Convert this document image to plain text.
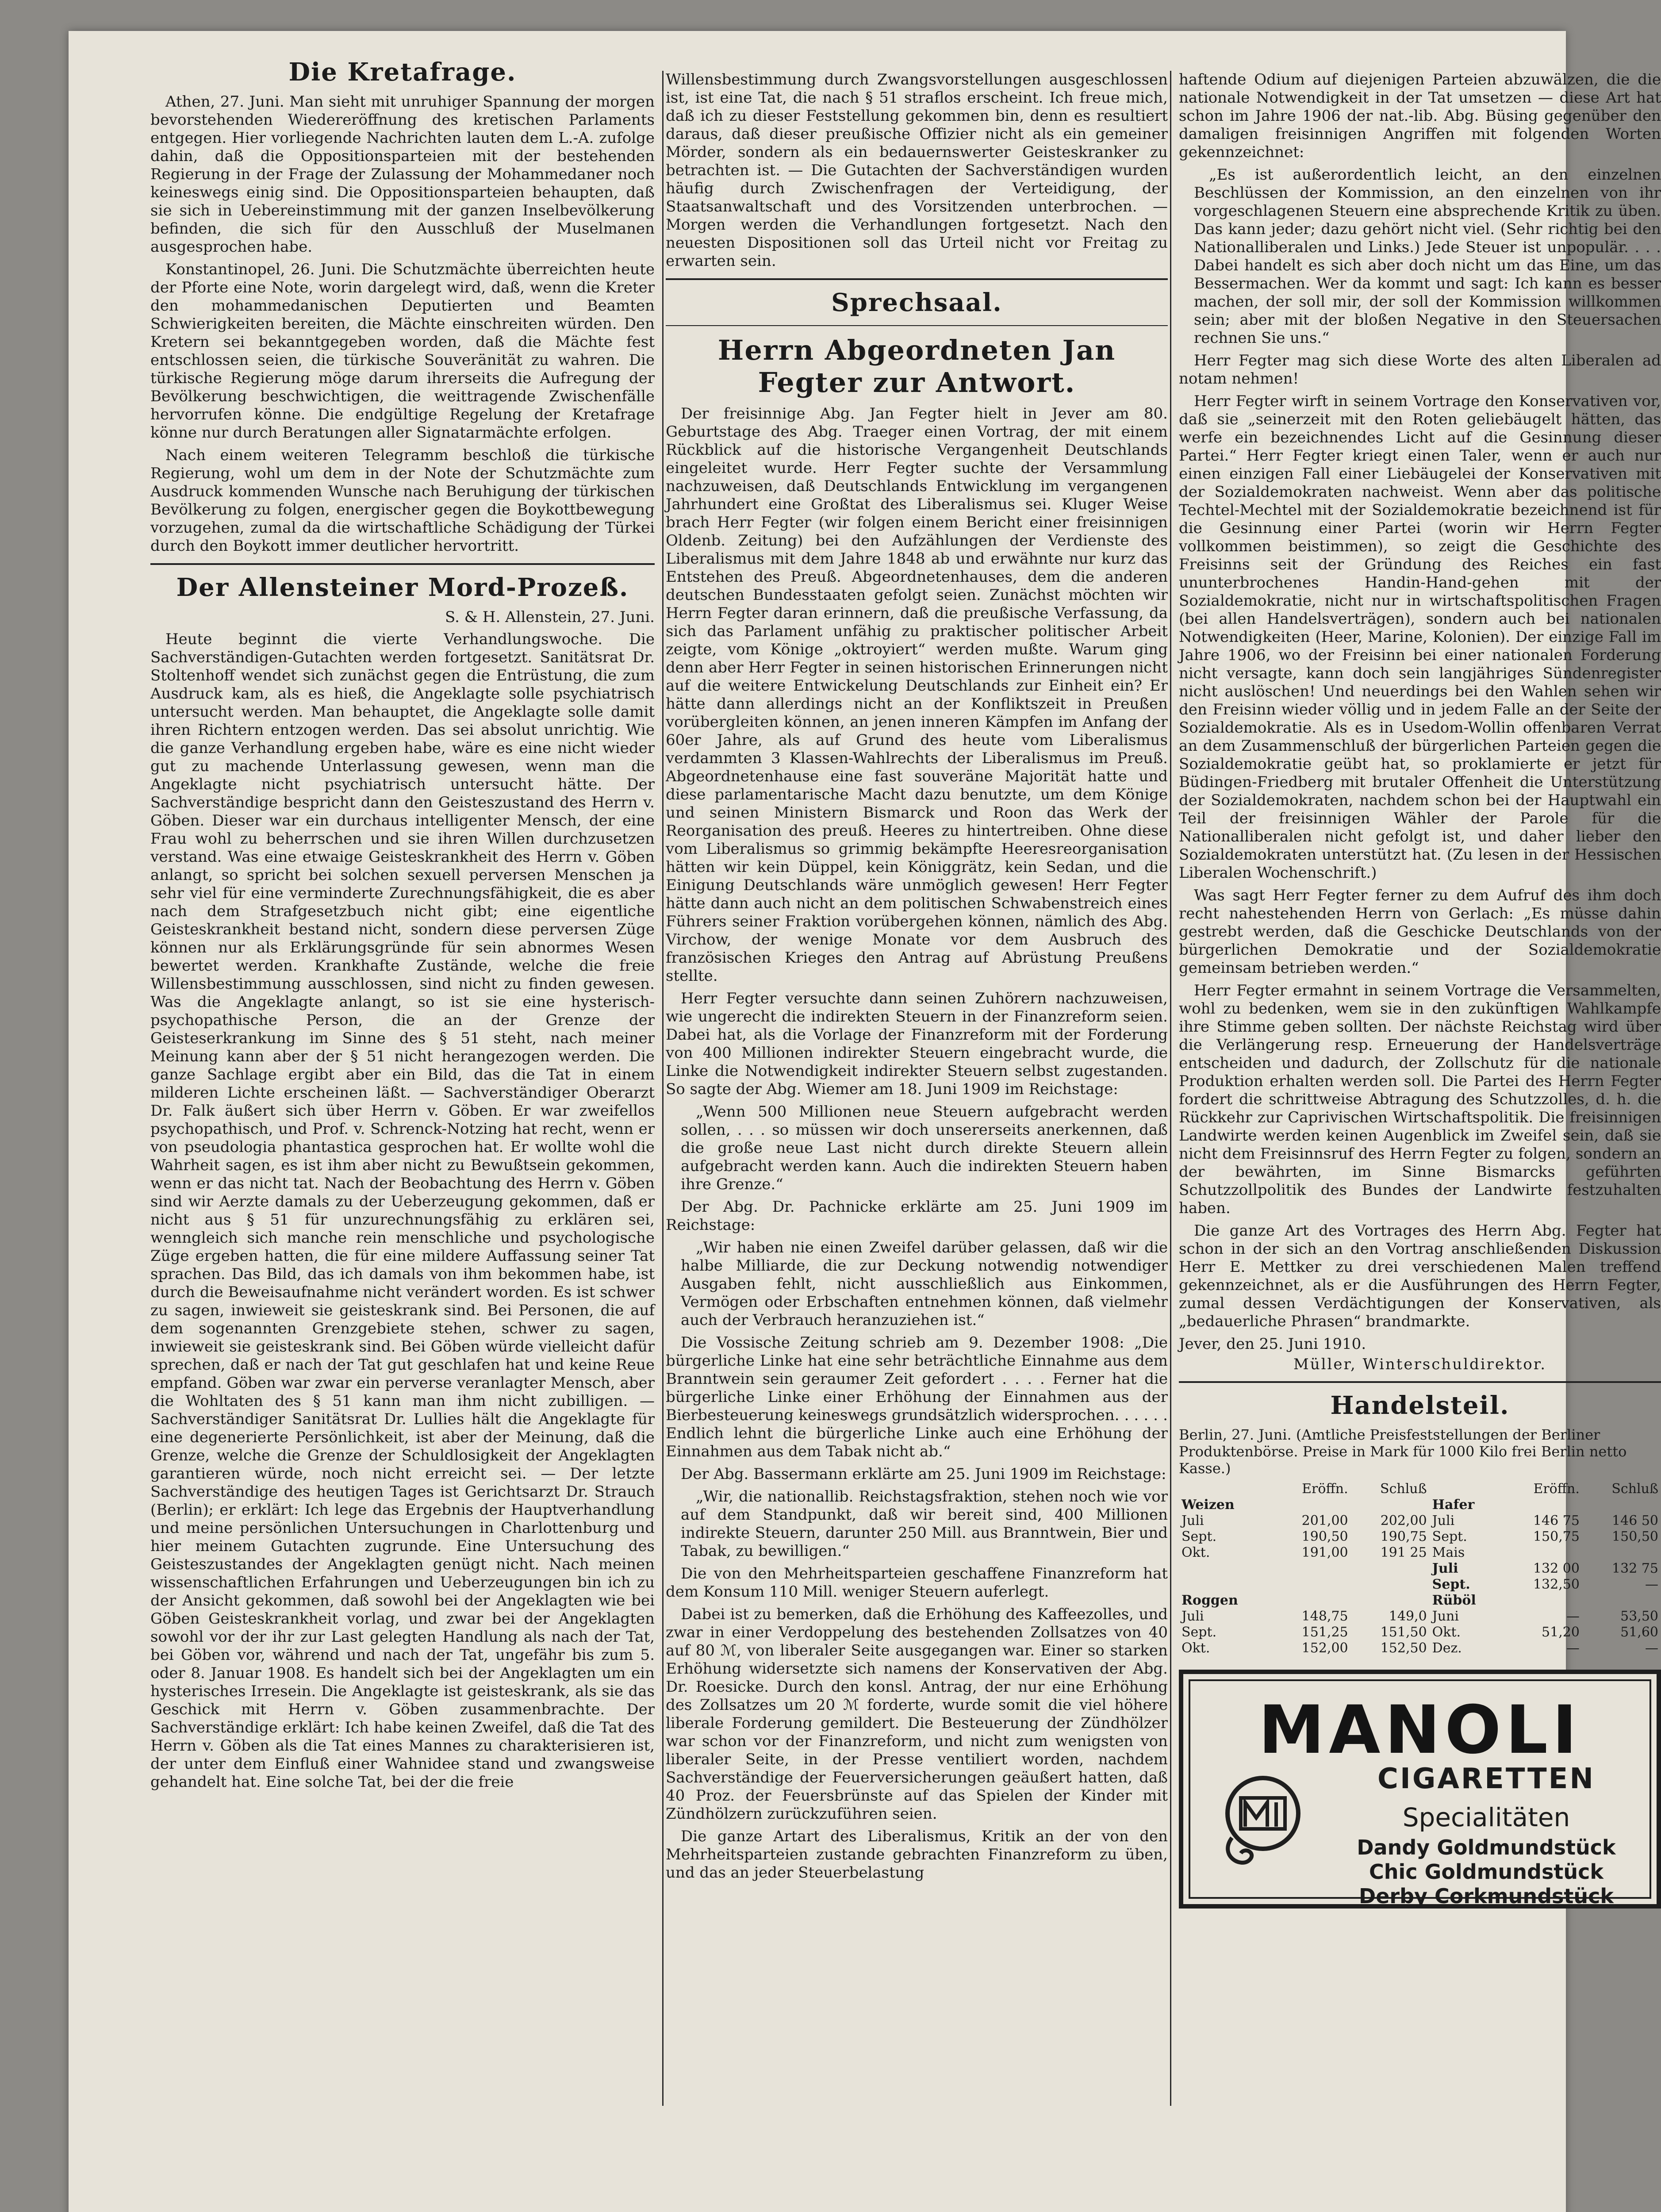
Die Kretafrage.

Athen, 27. Juni. Man sieht mit unruhiger Spannung der morgen bevorstehenden Wiedereröffnung des kretischen Parlaments entgegen. Hier vorliegende Nachrichten lauten dem L.-A. zufolge dahin, daß die Oppositionsparteien mit der bestehenden Regierung in der Frage der Zulassung der Mohammedaner noch keineswegs einig sind. Die Oppositionsparteien behaupten, daß sie sich in Uebereinstimmung mit der ganzen Inselbevölkerung befinden, die sich für den Ausschluß der Muselmanen ausgesprochen habe.

Konstantinopel, 26. Juni. Die Schutzmächte überreichten heute der Pforte eine Note, worin dargelegt wird, daß, wenn die Kreter den mohammedanischen Deputierten und Beamten Schwierigkeiten bereiten, die Mächte einschreiten würden. Den Kretern sei bekanntgegeben worden, daß die Mächte fest entschlossen seien, die türkische Souveränität zu wahren. Die türkische Regierung möge darum ihrerseits die Aufregung der Bevölkerung beschwichtigen, die weittragende Zwischenfälle hervorrufen könne. Die endgültige Regelung der Kretafrage könne nur durch Beratungen aller Signatarmächte erfolgen.

Nach einem weiteren Telegramm beschloß die türkische Regierung, wohl um dem in der Note der Schutzmächte zum Ausdruck kommenden Wunsche nach Beruhigung der türkischen Bevölkerung zu folgen, energischer gegen die Boykottbewegung vorzugehen, zumal da die wirtschaftliche Schädigung der Türkei durch den Boykott immer deutlicher hervortritt.

Der Allensteiner Mord-Prozeß.
S. & H. Allenstein, 27. Juni.

Heute beginnt die vierte Verhandlungswoche. Die Sachverständigen-Gutachten werden fortgesetzt. Sanitätsrat Dr. Stoltenhoff wendet sich zunächst gegen die Entrüstung, die zum Ausdruck kam, als es hieß, die Angeklagte solle psychiatrisch untersucht werden. Man behauptet, die Angeklagte solle damit ihren Richtern entzogen werden. Das sei absolut unrichtig. Wie die ganze Verhandlung ergeben habe, wäre es eine nicht wieder gut zu machende Unterlassung gewesen, wenn man die Angeklagte nicht psychiatrisch untersucht hätte. Der Sachverständige bespricht dann den Geisteszustand des Herrn v. Göben. Dieser war ein durchaus intelligenter Mensch, der eine Frau wohl zu beherrschen und sie ihren Willen durchzusetzen verstand. Was eine etwaige Geisteskrankheit des Herrn v. Göben anlangt, so spricht bei solchen sexuell perversen Menschen ja sehr viel für eine verminderte Zurechnungsfähigkeit, die es aber nach dem Strafgesetzbuch nicht gibt; eine eigentliche Geisteskrankheit bestand nicht, sondern diese perversen Züge können nur als Erklärungsgründe für sein abnormes Wesen bewertet werden. Krankhafte Zustände, welche die freie Willensbestimmung ausschlossen, sind nicht zu finden gewesen. Was die Angeklagte anlangt, so ist sie eine hysterisch-psychopathische Person, die an der Grenze der Geisteserkrankung im Sinne des § 51 steht, nach meiner Meinung kann aber der § 51 nicht herangezogen werden. Die ganze Sachlage ergibt aber ein Bild, das die Tat in einem milderen Lichte erscheinen läßt. — Sachverständiger Oberarzt Dr. Falk äußert sich über Herrn v. Göben. Er war zweifellos psychopathisch, und Prof. v. Schrenck-Notzing hat recht, wenn er von pseudologia phantastica gesprochen hat. Er wollte wohl die Wahrheit sagen, es ist ihm aber nicht zu Bewußtsein gekommen, wenn er das nicht tat. Nach der Beobachtung des Herrn v. Göben sind wir Aerzte damals zu der Ueberzeugung gekommen, daß er nicht aus § 51 für unzurechnungsfähig zu erklären sei, wenngleich sich manche rein menschliche und psychologische Züge ergeben hatten, die für eine mildere Auffassung seiner Tat sprachen. Das Bild, das ich damals von ihm bekommen habe, ist durch die Beweisaufnahme nicht verändert worden. Es ist schwer zu sagen, inwieweit sie geisteskrank sind. Bei Personen, die auf dem sogenannten Grenzgebiete stehen, schwer zu sagen, inwieweit sie geisteskrank sind. Bei Göben würde vielleicht dafür sprechen, daß er nach der Tat gut geschlafen hat und keine Reue empfand. Göben war zwar ein perverse veranlagter Mensch, aber die Wohltaten des § 51 kann man ihm nicht zubilligen. — Sachverständiger Sanitätsrat Dr. Lullies hält die Angeklagte für eine degenerierte Persönlichkeit, ist aber der Meinung, daß die Grenze, welche die Grenze der Schuldlosigkeit der Angeklagten garantieren würde, noch nicht erreicht sei. — Der letzte Sachverständige des heutigen Tages ist Gerichtsarzt Dr. Strauch (Berlin); er erklärt: Ich lege das Ergebnis der Hauptverhandlung und meine persönlichen Untersuchungen in Charlottenburg und hier meinem Gutachten zugrunde. Eine Untersuchung des Geisteszustandes der Angeklagten genügt nicht. Nach meinen wissenschaftlichen Erfahrungen und Ueberzeugungen bin ich zu der Ansicht gekommen, daß sowohl bei der Angeklagten wie bei Göben Geisteskrankheit vorlag, und zwar bei der Angeklagten sowohl vor der ihr zur Last gelegten Handlung als nach der Tat, bei Göben vor, während und nach der Tat, ungefähr bis zum 5. oder 8. Januar 1908. Es handelt sich bei der Angeklagten um ein hysterisches Irresein. Die Angeklagte ist geisteskrank, als sie das Geschick mit Herrn v. Göben zusammenbrachte. Der Sachverständige erklärt: Ich habe keinen Zweifel, daß die Tat des Herrn v. Göben als die Tat eines Mannes zu charakterisieren ist, der unter dem Einfluß einer Wahnidee stand und zwangsweise gehandelt hat. Eine solche Tat, bei der die freie

Willensbestimmung durch Zwangsvorstellungen ausgeschlossen ist, ist eine Tat, die nach § 51 straflos erscheint. Ich freue mich, daß ich zu dieser Feststellung gekommen bin, denn es resultiert daraus, daß dieser preußische Offizier nicht als ein gemeiner Mörder, sondern als ein bedauernswerter Geisteskranker zu betrachten ist. — Die Gutachten der Sachverständigen wurden häufig durch Zwischenfragen der Verteidigung, der Staatsanwaltschaft und des Vorsitzenden unterbrochen. — Morgen werden die Verhandlungen fortgesetzt. Nach den neuesten Dispositionen soll das Urteil nicht vor Freitag zu erwarten sein.

Sprechsaal.
Herrn Abgeordneten Jan Fegter zur Antwort.

Der freisinnige Abg. Jan Fegter hielt in Jever am 80. Geburtstage des Abg. Traeger einen Vortrag, der mit einem Rückblick auf die historische Vergangenheit Deutschlands eingeleitet wurde. Herr Fegter suchte der Versammlung nachzuweisen, daß Deutschlands Entwicklung im vergangenen Jahrhundert eine Großtat des Liberalismus sei. Kluger Weise brach Herr Fegter (wir folgen einem Bericht einer freisinnigen Oldenb. Zeitung) bei den Aufzählungen der Verdienste des Liberalismus mit dem Jahre 1848 ab und erwähnte nur kurz das Entstehen des Preuß. Abgeordnetenhauses, dem die anderen deutschen Bundesstaaten gefolgt seien. Zunächst möchten wir Herrn Fegter daran erinnern, daß die preußische Verfassung, da sich das Parlament unfähig zu praktischer politischer Arbeit zeigte, vom Könige „oktroyiert“ werden mußte. Warum ging denn aber Herr Fegter in seinen historischen Erinnerungen nicht auf die weitere Entwickelung Deutschlands zur Einheit ein? Er hätte dann allerdings nicht an der Konfliktszeit in Preußen vorübergleiten können, an jenen inneren Kämpfen im Anfang der 60er Jahre, als auf Grund des heute vom Liberalismus verdammten 3 Klassen-Wahlrechts der Liberalismus im Preuß. Abgeordnetenhause eine fast souveräne Majorität hatte und diese parlamentarische Macht dazu benutzte, um dem Könige und seinen Ministern Bismarck und Roon das Werk der Reorganisation des preuß. Heeres zu hintertreiben. Ohne diese vom Liberalismus so grimmig bekämpfte Heeresreorganisation hätten wir kein Düppel, kein Königgrätz, kein Sedan, und die Einigung Deutschlands wäre unmöglich gewesen! Herr Fegter hätte dann auch nicht an dem politischen Schwabenstreich eines Führers seiner Fraktion vorübergehen können, nämlich des Abg. Virchow, der wenige Monate vor dem Ausbruch des französischen Krieges den Antrag auf Abrüstung Preußens stellte.

Herr Fegter versuchte dann seinen Zuhörern nachzuweisen, wie ungerecht die indirekten Steuern in der Finanzreform seien. Dabei hat, als die Vorlage der Finanzreform mit der Forderung von 400 Millionen indirekter Steuern eingebracht wurde, die Linke die Notwendigkeit indirekter Steuern selbst zugestanden. So sagte der Abg. Wiemer am 18. Juni 1909 im Reichstage:

„Wenn 500 Millionen neue Steuern aufgebracht werden sollen, . . . so müssen wir doch unsererseits anerkennen, daß die große neue Last nicht durch direkte Steuern allein aufgebracht werden kann. Auch die indirekten Steuern haben ihre Grenze.“

Der Abg. Dr. Pachnicke erklärte am 25. Juni 1909 im Reichstage:

„Wir haben nie einen Zweifel darüber gelassen, daß wir die halbe Milliarde, die zur Deckung notwendig notwendiger Ausgaben fehlt, nicht ausschließlich aus Einkommen, Vermögen oder Erbschaften entnehmen können, daß vielmehr auch der Verbrauch heranzuziehen ist.“

Die Vossische Zeitung schrieb am 9. Dezember 1908: „Die bürgerliche Linke hat eine sehr beträchtliche Einnahme aus dem Branntwein sein geraumer Zeit gefordert . . . . Ferner hat die bürgerliche Linke einer Erhöhung der Einnahmen aus der Bierbesteuerung keineswegs grundsätzlich widersprochen. . . . . . Endlich lehnt die bürgerliche Linke auch eine Erhöhung der Einnahmen aus dem Tabak nicht ab.“

Der Abg. Bassermann erklärte am 25. Juni 1909 im Reichstage:

„Wir, die nationallib. Reichstagsfraktion, stehen noch wie vor auf dem Standpunkt, daß wir bereit sind, 400 Millionen indirekte Steuern, darunter 250 Mill. aus Branntwein, Bier und Tabak, zu bewilligen.“

Die von den Mehrheitsparteien geschaffene Finanzreform hat dem Konsum 110 Mill. weniger Steuern auferlegt.

Dabei ist zu bemerken, daß die Erhöhung des Kaffeezolles, und zwar in einer Verdoppelung des bestehenden Zollsatzes von 40 auf 80 ℳ, von liberaler Seite ausgegangen war. Einer so starken Erhöhung widersetzte sich namens der Konservativen der Abg. Dr. Roesicke. Durch den konsl. Antrag, der nur eine Erhöhung des Zollsatzes um 20 ℳ forderte, wurde somit die viel höhere liberale Forderung gemildert. Die Besteuerung der Zündhölzer war schon vor der Finanzreform, und nicht zum wenigsten von liberaler Seite, in der Presse ventiliert worden, nachdem Sachverständige der Feuerversicherungen geäußert hatten, daß 40 Proz. der Feuersbrünste auf das Spielen der Kinder mit Zündhölzern zurückzuführen seien.

Die ganze Artart des Liberalismus, Kritik an der von den Mehrheitsparteien zustande gebrachten Finanzreform zu üben, und das an jeder Steuerbelastung

haftende Odium auf diejenigen Parteien abzuwälzen, die die nationale Notwendigkeit in der Tat umsetzen — diese Art hat schon im Jahre 1906 der nat.-lib. Abg. Büsing gegenüber den damaligen freisinnigen Angriffen mit folgenden Worten gekennzeichnet:

„Es ist außerordentlich leicht, an den einzelnen Beschlüssen der Kommission, an den einzelnen von ihr vorgeschlagenen Steuern eine absprechende Kritik zu üben. Das kann jeder; dazu gehört nicht viel. (Sehr richtig bei den Nationalliberalen und Links.) Jede Steuer ist unpopulär. . . . Dabei handelt es sich aber doch nicht um das Eine, um das Bessermachen. Wer da kommt und sagt: Ich kann es besser machen, der soll mir, der soll der Kommission willkommen sein; aber mit der bloßen Negative in den Steuersachen rechnen Sie uns.“

Herr Fegter mag sich diese Worte des alten Liberalen ad notam nehmen!

Herr Fegter wirft in seinem Vortrage den Konservativen vor, daß sie „seinerzeit mit den Roten geliebäugelt hätten, das werfe ein bezeichnendes Licht auf die Gesinnung dieser Partei.“ Herr Fegter kriegt einen Taler, wenn er auch nur einen einzigen Fall einer Liebäugelei der Konservativen mit der Sozialdemokraten nachweist. Wenn aber das politische Techtel-Mechtel mit der Sozialdemokratie bezeichnend ist für die Gesinnung einer Partei (worin wir Herrn Fegter vollkommen beistimmen), so zeigt die Geschichte des Freisinns seit der Gründung des Reiches ein fast ununterbrochenes Handin-Hand-gehen mit der Sozialdemokratie, nicht nur in wirtschaftspolitischen Fragen (bei allen Handelsverträgen), sondern auch bei nationalen Notwendigkeiten (Heer, Marine, Kolonien). Der einzige Fall im Jahre 1906, wo der Freisinn bei einer nationalen Forderung nicht versagte, kann doch sein langjähriges Sündenregister nicht auslöschen! Und neuerdings bei den Wahlen sehen wir den Freisinn wieder völlig und in jedem Falle an der Seite der Sozialdemokratie. Als es in Usedom-Wollin offenbaren Verrat an dem Zusammenschluß der bürgerlichen Parteien gegen die Sozialdemokratie geübt hat, so proklamierte er jetzt für Büdingen-Friedberg mit brutaler Offenheit die Unterstützung der Sozialdemokraten, nachdem schon bei der Hauptwahl ein Teil der freisinnigen Wähler der Parole für die Nationalliberalen nicht gefolgt ist, und daher lieber den Sozialdemokraten unterstützt hat. (Zu lesen in der Hessischen Liberalen Wochenschrift.)

Was sagt Herr Fegter ferner zu dem Aufruf des ihm doch recht nahestehenden Herrn von Gerlach: „Es müsse dahin gestrebt werden, daß die Geschicke Deutschlands von der bürgerlichen Demokratie und der Sozialdemokratie gemeinsam betrieben werden.“

Herr Fegter ermahnt in seinem Vortrage die Versammelten, wohl zu bedenken, wem sie in den zukünftigen Wahlkampfe ihre Stimme geben sollten. Der nächste Reichstag wird über die Verlängerung resp. Erneuerung der Handelsverträge entscheiden und dadurch, der Zollschutz für die nationale Produktion erhalten werden soll. Die Partei des Herrn Fegter fordert die schrittweise Abtragung des Schutzzolles, d. h. die Rückkehr zur Caprivischen Wirtschaftspolitik. Die freisinnigen Landwirte werden keinen Augenblick im Zweifel sein, daß sie nicht dem Freisinnsruf des Herrn Fegter zu folgen, sondern an der bewährten, im Sinne Bismarcks geführten Schutzzollpolitik des Bundes der Landwirte festzuhalten haben.

Die ganze Art des Vortrages des Herrn Abg. Fegter hat schon in der sich an den Vortrag anschließenden Diskussion Herr E. Mettker zu drei verschiedenen Malen treffend gekennzeichnet, als er die Ausführungen des Herrn Fegter, zumal dessen Verdächtigungen der Konservativen, als „bedauerliche Phrasen“ brandmarkte.

Jever, den 25. Juni 1910.
Müller, Winterschuldirektor.
Handelsteil.
Berlin, 27. Juni. (Amtliche Preisfeststellungen der Berliner Produktenbörse. Preise in Mark für 1000 Kilo frei Berlin netto Kasse.)
	Eröffn.	Schluß		Eröffn.	Schluß
Weizen			Hafer		
Juli	201,00	202,00	Juli	146 75	146 50
Sept.	190,50	190,75	Sept.	150,75	150,50
Okt.	191,00	191 25	Mais		
			Juli	132 00	132 75
			Sept.	132,50	—
Roggen			Rüböl		
Juli	148,75	149,0	Juni	—	53,50
Sept.	151,25	151,50	Okt.	51,20	51,60
Okt.	152,00	152,50	Dez.	—	—
MANOLI
CIGARETTEN
Specialitäten
Dandy Goldmundstück
Chic Goldmundstück
Derby Corkmundstück
